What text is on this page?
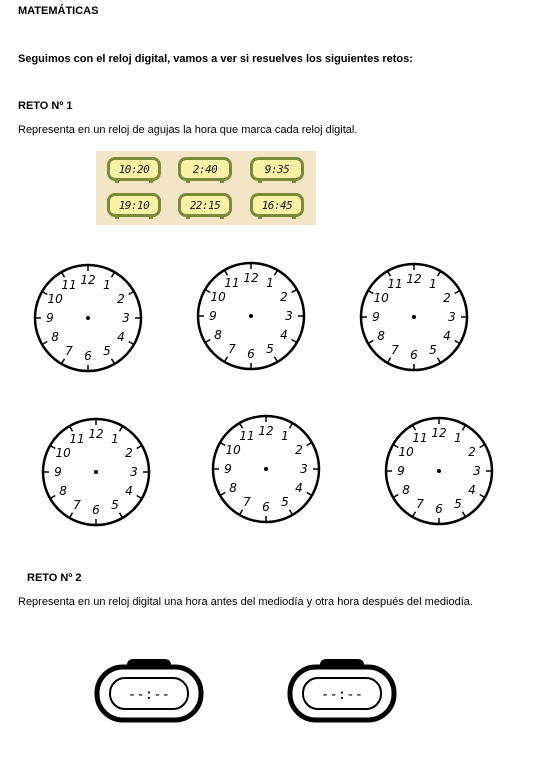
MATEMÁTICAS
Seguimos con el reloj digital, vamos a ver si resuelves los siguientes retos:
RETO Nº 1
Representa en un reloj de agujas la hora que marca cada reloj digital.
10:20	2:40	9:35
19:10	22:15	16:45
12 1
2
3
4
5
6
7
8
9
10
11
12 1
2
3
4
5
6
7
8
9
10
11	12 1
2
3
4
5
6
7
8
9
10
11
12 1
2
3
4
5
6
7
8
9
10
11
12 1
2
3
4
5
6
7
8
9
10
11	12 1
2
3
4
5
6
7
8
9
10
11
RETO Nº 2
Representa en un reloj digital una hora antes del mediodía y otra hora después del mediodía.
--:--	--:--
